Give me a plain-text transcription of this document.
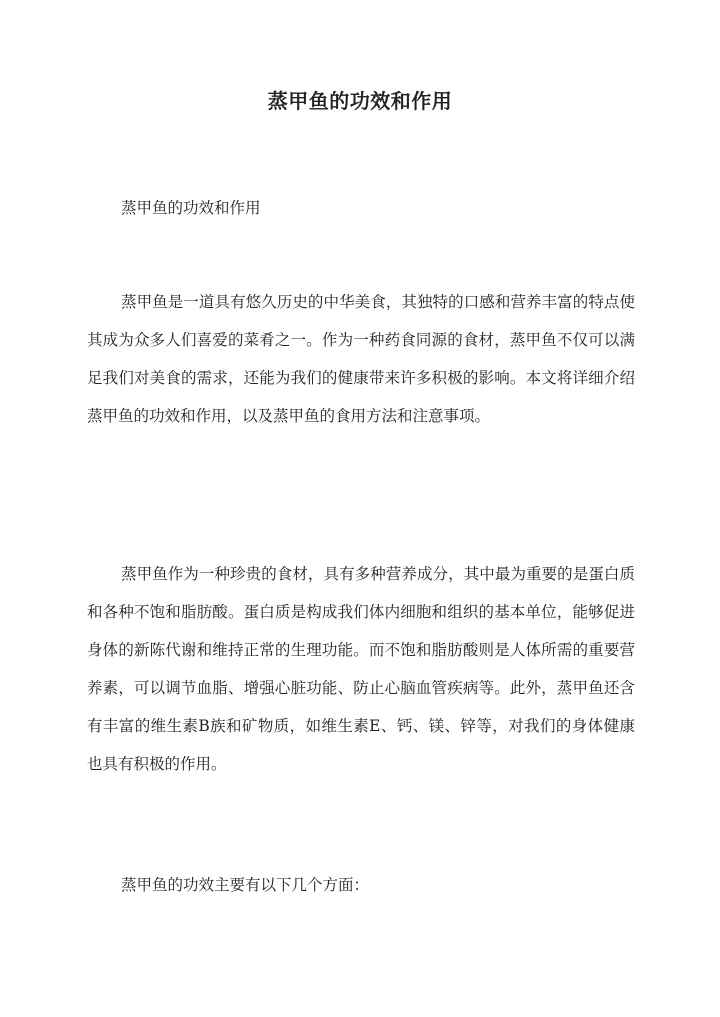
蒸甲鱼的功效和作用

蒸甲鱼的功效和作用

蒸甲鱼是一道具有悠久历史的中华美食，其独特的口感和营养丰富的特点使其成为众多人们喜爱的菜肴之一。作为一种药食同源的食材，蒸甲鱼不仅可以满足我们对美食的需求，还能为我们的健康带来许多积极的影响。本文将详细介绍蒸甲鱼的功效和作用，以及蒸甲鱼的食用方法和注意事项。

蒸甲鱼作为一种珍贵的食材，具有多种营养成分，其中最为重要的是蛋白质和各种不饱和脂肪酸。蛋白质是构成我们体内细胞和组织的基本单位，能够促进身体的新陈代谢和维持正常的生理功能。而不饱和脂肪酸则是人体所需的重要营养素，可以调节血脂、增强心脏功能、防止心脑血管疾病等。此外，蒸甲鱼还含有丰富的维生素B族和矿物质，如维生素E、钙、镁、锌等，对我们的身体健康也具有积极的作用。

蒸甲鱼的功效主要有以下几个方面：
